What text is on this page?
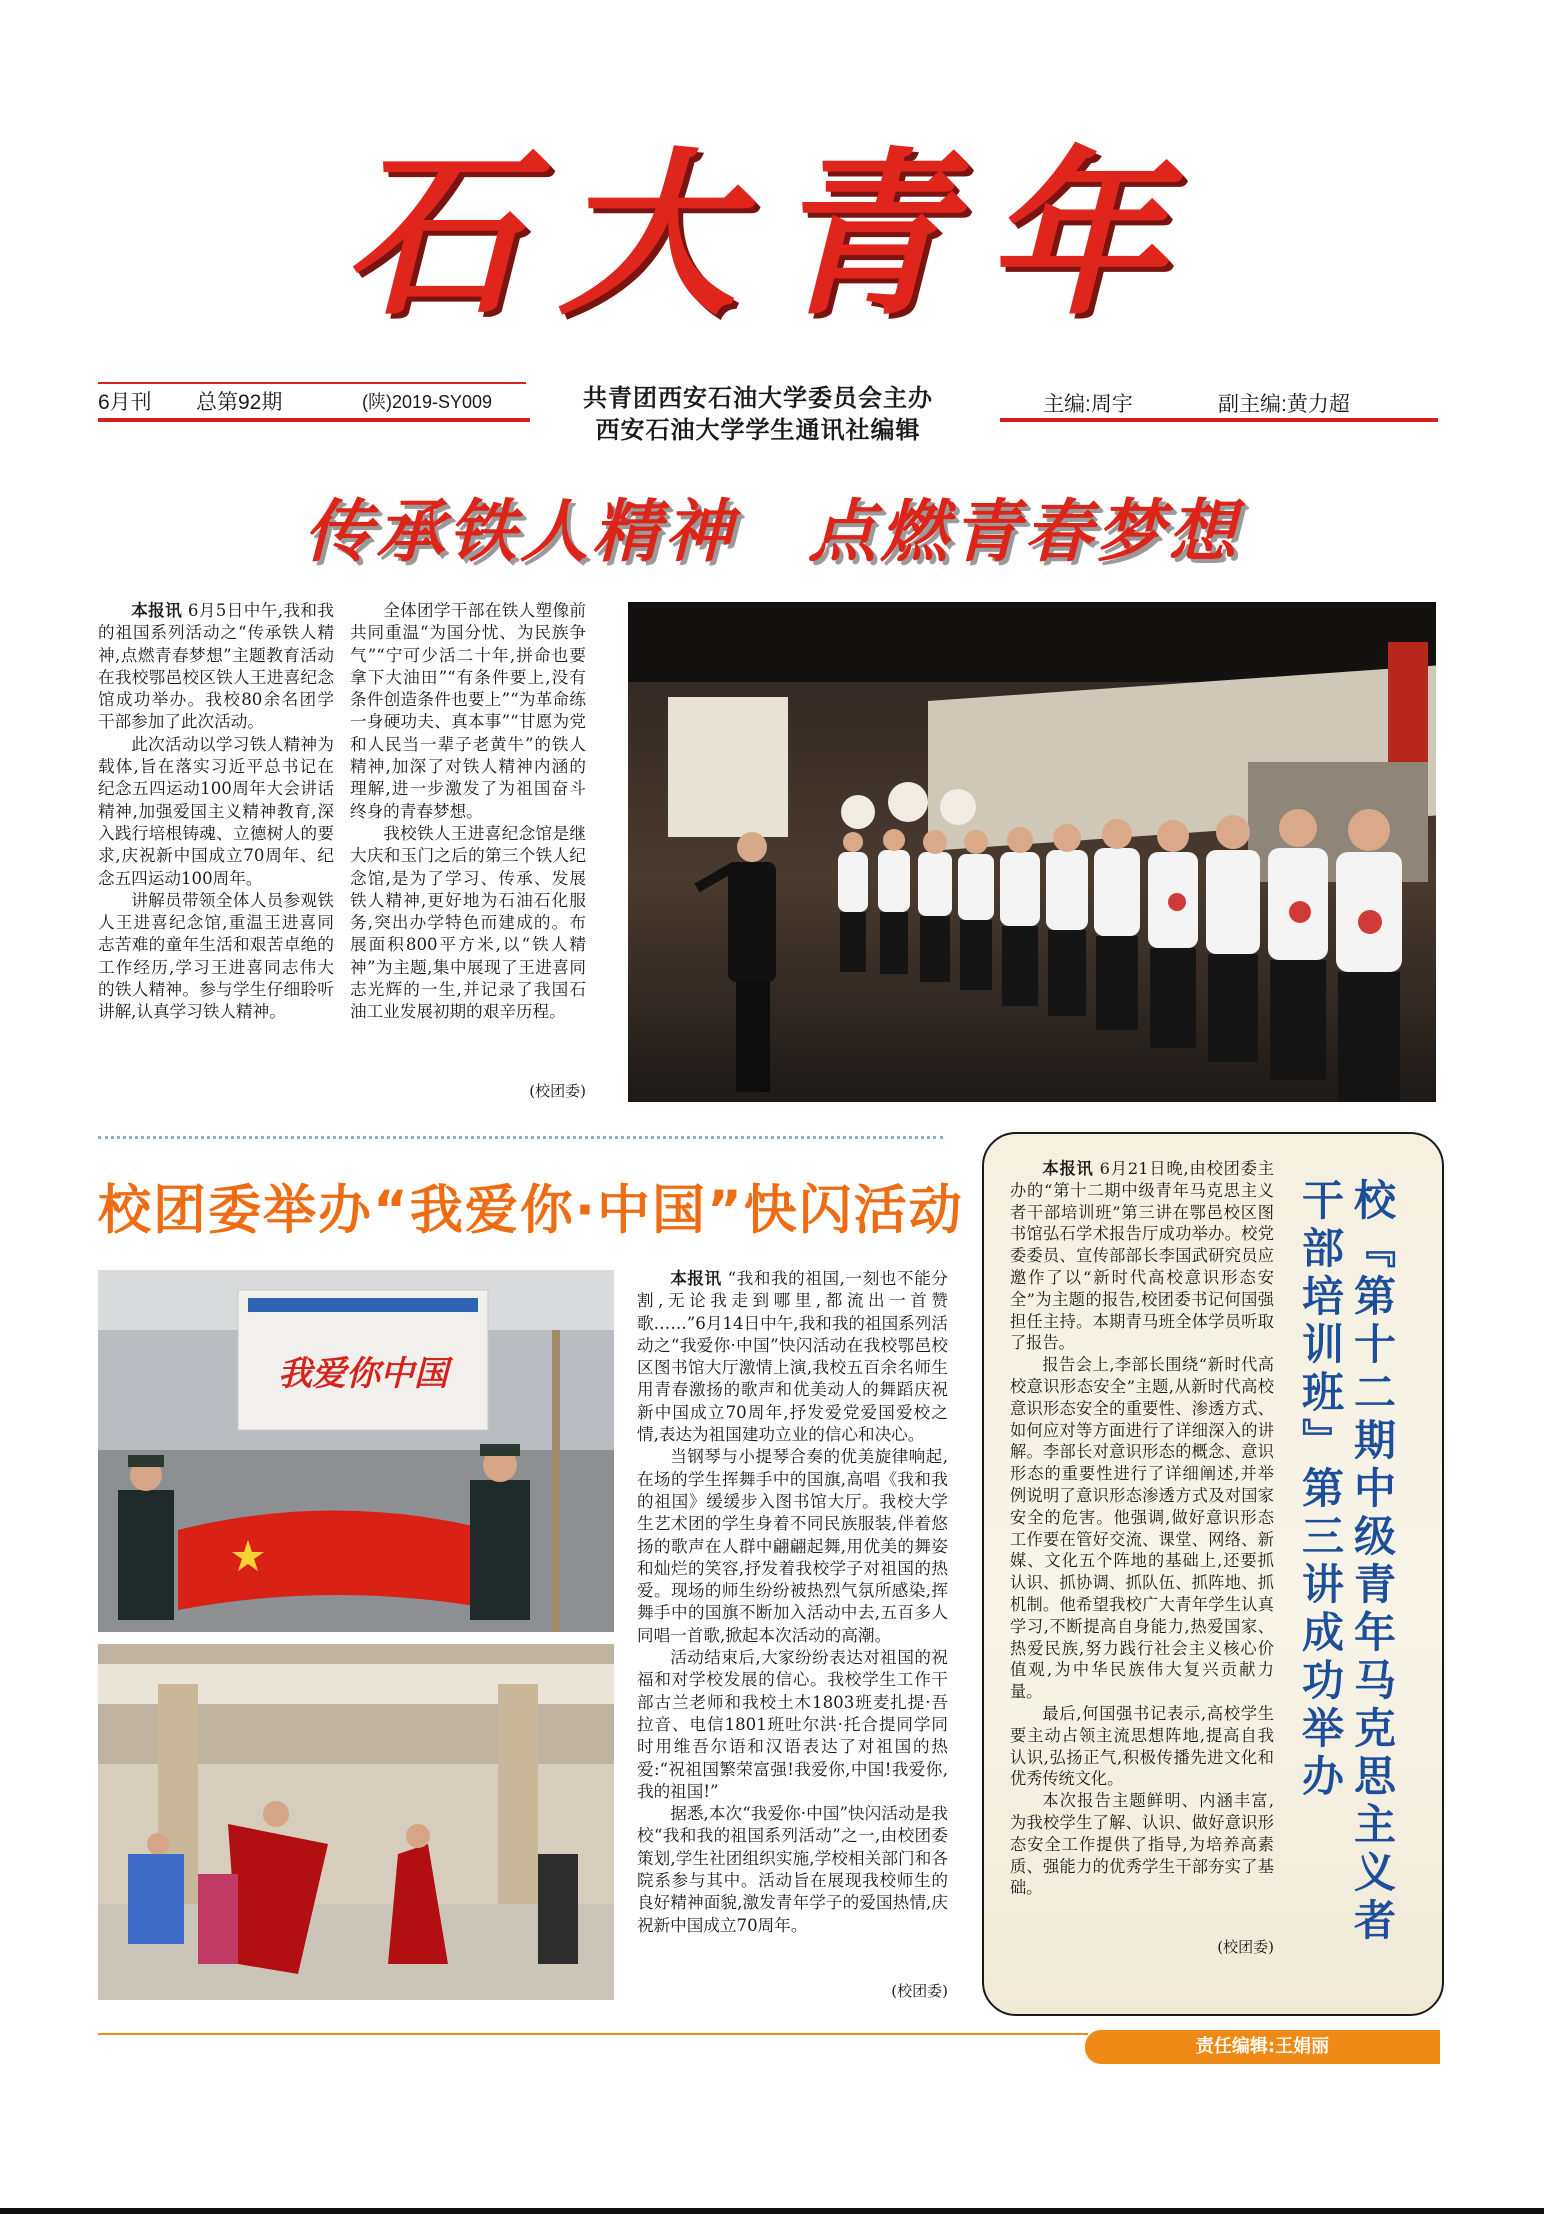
石大青年
6月刊 总第92期	(陕)2019-SY009	共青团西安石油大学委员会主办
西安石油大学学生通讯社编辑
主编:周宇	副主编:黄力超
传承铁人精神　点燃青春梦想

本报讯 6月5日中午,我和我的祖国系列活动之“传承铁人精神,点燃青春梦想”主题教育活动在我校鄂邑校区铁人王进喜纪念馆成功举办。我校80余名团学干部参加了此次活动。

此次活动以学习铁人精神为载体,旨在落实习近平总书记在纪念五四运动100周年大会讲话精神,加强爱国主义精神教育,深入践行培根铸魂、立德树人的要求,庆祝新中国成立70周年、纪念五四运动100周年。

讲解员带领全体人员参观铁人王进喜纪念馆,重温王进喜同志苦难的童年生活和艰苦卓绝的工作经历,学习王进喜同志伟大的铁人精神。参与学生仔细聆听讲解,认真学习铁人精神。

全体团学干部在铁人塑像前共同重温“为国分忧、为民族争气”“宁可少活二十年,拼命也要拿下大油田”“有条件要上,没有条件创造条件也要上”“为革命练一身硬功夫、真本事”“甘愿为党和人民当一辈子老黄牛”的铁人精神,加深了对铁人精神内涵的理解,进一步激发了为祖国奋斗终身的青春梦想。

我校铁人王进喜纪念馆是继大庆和玉门之后的第三个铁人纪念馆,是为了学习、传承、发展铁人精神,更好地为石油石化服务,突出办学特色而建成的。布展面积800平方米,以“铁人精神”为主题,集中展现了王进喜同志光辉的一生,并记录了我国石油工业发展初期的艰辛历程。

(校团委)
校团委举办“我爱你·中国”快闪活动
我爱你中国

本报讯 “我和我的祖国,一刻也不能分割,无论我走到哪里,都流出一首赞歌……”6月14日中午,我和我的祖国系列活动之“我爱你·中国”快闪活动在我校鄂邑校区图书馆大厅激情上演,我校五百余名师生用青春激扬的歌声和优美动人的舞蹈庆祝新中国成立70周年,抒发爱党爱国爱校之情,表达为祖国建功立业的信心和决心。

当钢琴与小提琴合奏的优美旋律响起,在场的学生挥舞手中的国旗,高唱《我和我的祖国》缓缓步入图书馆大厅。我校大学生艺术团的学生身着不同民族服装,伴着悠扬的歌声在人群中翩翩起舞,用优美的舞姿和灿烂的笑容,抒发着我校学子对祖国的热爱。现场的师生纷纷被热烈气氛所感染,挥舞手中的国旗不断加入活动中去,五百多人同唱一首歌,掀起本次活动的高潮。

活动结束后,大家纷纷表达对祖国的祝福和对学校发展的信心。我校学生工作干部古兰老师和我校土木1803班麦扎提·吾拉音、电信1801班吐尔洪·托合提同学同时用维吾尔语和汉语表达了对祖国的热爱:“祝祖国繁荣富强!我爱你,中国!我爱你,我的祖国!”

据悉,本次“我爱你·中国”快闪活动是我校“我和我的祖国系列活动”之一,由校团委策划,学生社团组织实施,学校相关部门和各院系参与其中。活动旨在展现我校师生的良好精神面貌,激发青年学子的爱国热情,庆祝新中国成立70周年。

(校团委)

本报讯 6月21日晚,由校团委主办的“第十二期中级青年马克思主义者干部培训班”第三讲在鄂邑校区图书馆弘石学术报告厅成功举办。校党委委员、宣传部部长李国武研究员应邀作了以“新时代高校意识形态安全”为主题的报告,校团委书记何国强担任主持。本期青马班全体学员听取了报告。

报告会上,李部长围绕“新时代高校意识形态安全”主题,从新时代高校意识形态安全的重要性、渗透方式、如何应对等方面进行了详细深入的讲解。李部长对意识形态的概念、意识形态的重要性进行了详细阐述,并举例说明了意识形态渗透方式及对国家安全的危害。他强调,做好意识形态工作要在管好交流、课堂、网络、新媒、文化五个阵地的基础上,还要抓认识、抓协调、抓队伍、抓阵地、抓机制。他希望我校广大青年学生认真学习,不断提高自身能力,热爱国家、热爱民族,努力践行社会主义核心价值观,为中华民族伟大复兴贡献力量。

最后,何国强书记表示,高校学生要主动占领主流思想阵地,提高自我认识,弘扬正气,积极传播先进文化和优秀传统文化。

本次报告主题鲜明、内涵丰富,为我校学生了解、认识、做好意识形态安全工作提供了指导,为培养高素质、强能力的优秀学生干部夯实了基础。

(校团委)
校『第十二期中级青年马克思主义者
干部培训班』第三讲成功举办
责任编辑:王娟丽
